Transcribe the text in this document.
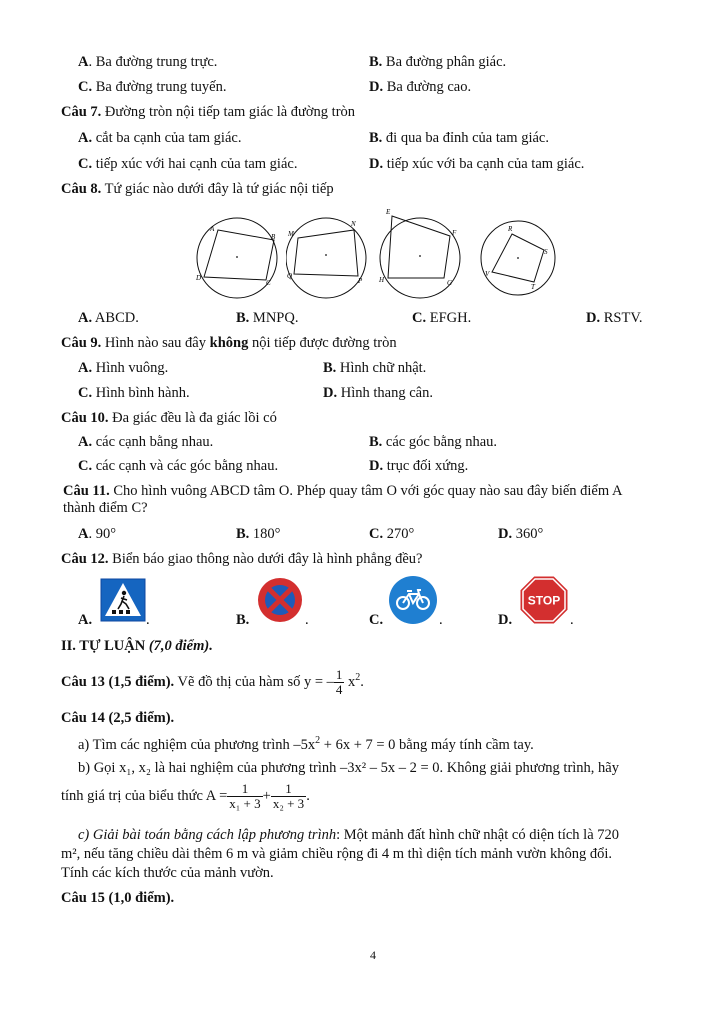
A. Ba đường trung trực.	B. Ba đường phân giác.
C. Ba đường trung tuyến.	D. Ba đường cao.
Câu 7. Đường tròn nội tiếp tam giác là đường tròn
A. cắt ba cạnh của tam giác.	B. đi qua ba đỉnh của tam giác.
C. tiếp xúc với hai cạnh của tam giác.	D. tiếp xúc với ba cạnh của tam giác.
Câu 8. Tứ giác nào dưới đây là tứ giác nội tiếp
A
B
C
D
M
N
P
Q
E
F
G
H
R
S
T
V
A. ABCD.	B. MNPQ.	C. EFGH.	D. RSTV.
Câu 9. Hình nào sau đây không nội tiếp được đường tròn
A. Hình vuông.	B. Hình chữ nhật.
C. Hình bình hành.	D. Hình thang cân.
Câu 10. Đa giác đều là đa giác lồi có
A. các cạnh bằng nhau.	B. các góc bằng nhau.
C. các cạnh và các góc bằng nhau.	D. trục đối xứng.
Câu 11. Cho hình vuông ABCD tâm O. Phép quay tâm O với góc quay nào sau đây biến điểm A
thành điểm C?
A. 90°	B. 180°	C. 270°	D. 360°
Câu 12. Biển báo giao thông nào dưới đây là hình phẳng đều?
A.	.	B.	.	C.	.	D.
STOP
.
II. TỰ LUẬN (7,0 điểm).
Câu 13 (1,5 điểm). Vẽ đồ thị của hàm số y = – $\frac{1}{4} x^2$.
Câu 14 (2,5 điểm).
a) Tìm các nghiệm của phương trình $-5x^2 + 6x + 7 = 0$ bằng máy tính cầm tay.
b) Gọi x₁, x₂ là hai nghiệm của phương trình –3x² – 5x – 2 = 0. Không giải phương trình, hãy
tính giá trị của biểu thức $A = \frac{1}{\text{x₁ + 3}} + \frac{1}{\text{x₂ + 3}}$ .
c) Giải bài toán bằng cách lập phương trình: Một mảnh đất hình chữ nhật có diện tích là 720
m², nếu tăng chiều dài thêm 6 m và giảm chiều rộng đi 4 m thì diện tích mảnh vườn không đổi.
Tính các kích thước của mảnh vườn.
Câu 15 (1,0 điểm).
4
